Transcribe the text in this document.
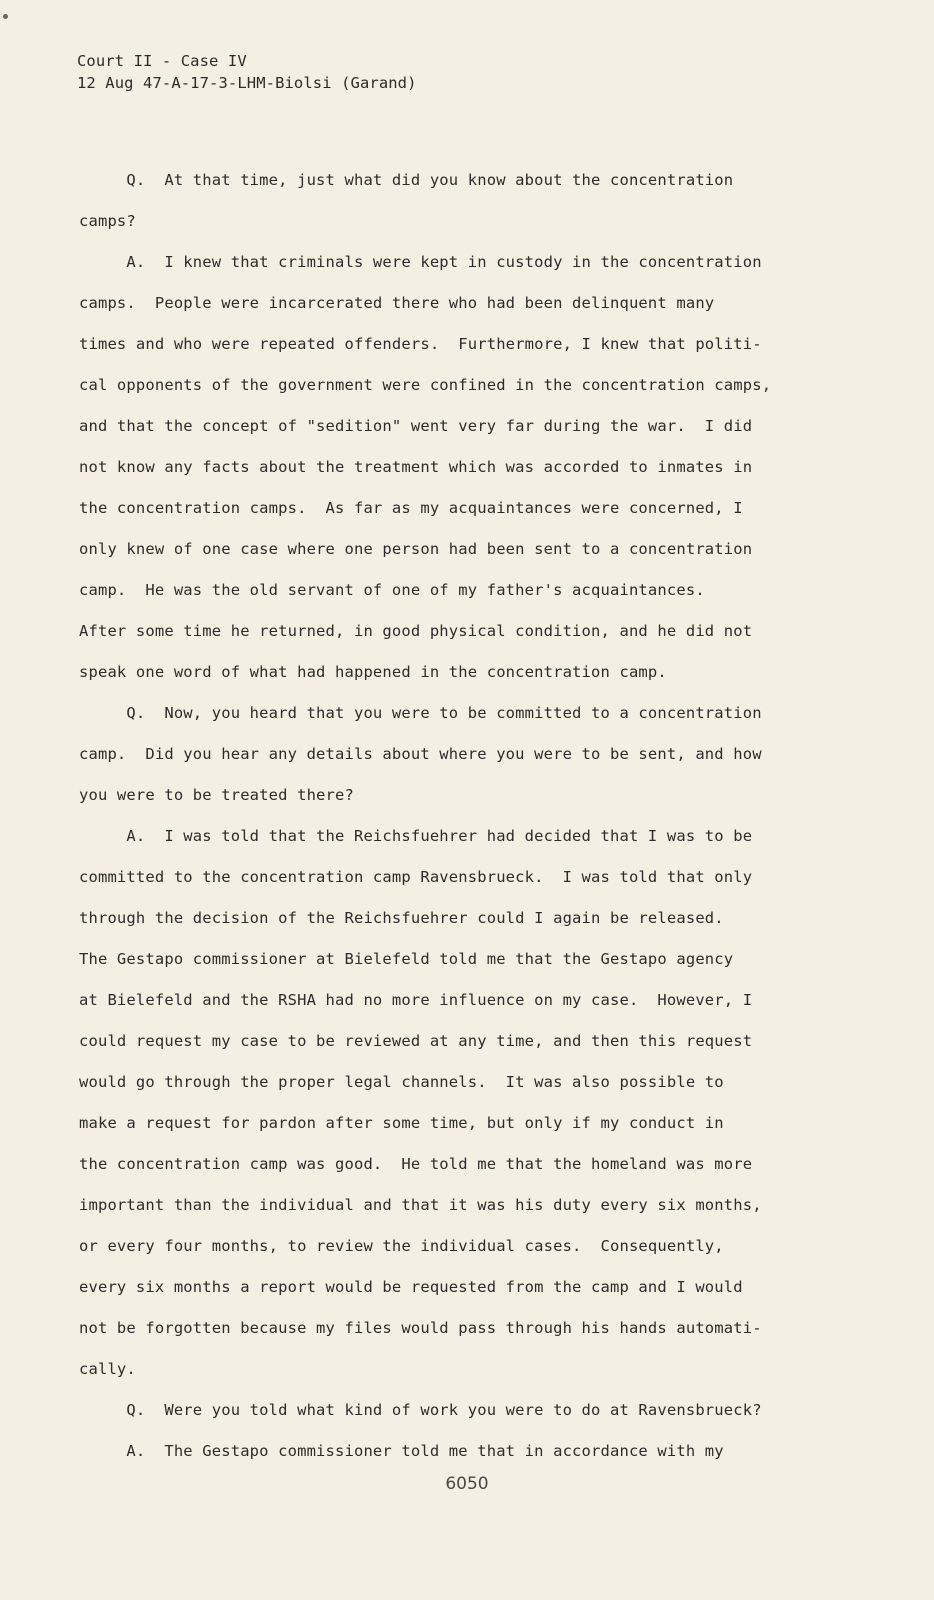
Court II - Case IV
12 Aug 47-A-17-3-LHM-Biolsi (Garand)
Q.  At that time, just what did you know about the concentration
camps?
A.  I knew that criminals were kept in custody in the concentration
camps.  People were incarcerated there who had been delinquent many
times and who were repeated offenders.  Furthermore, I knew that politi-
cal opponents of the government were confined in the concentration camps,
and that the concept of "sedition" went very far during the war.  I did
not know any facts about the treatment which was accorded to inmates in
the concentration camps.  As far as my acquaintances were concerned, I
only knew of one case where one person had been sent to a concentration
camp.  He was the old servant of one of my father's acquaintances.
After some time he returned, in good physical condition, and he did not
speak one word of what had happened in the concentration camp.
Q.  Now, you heard that you were to be committed to a concentration
camp.  Did you hear any details about where you were to be sent, and how
you were to be treated there?
A.  I was told that the Reichsfuehrer had decided that I was to be
committed to the concentration camp Ravensbrueck.  I was told that only
through the decision of the Reichsfuehrer could I again be released.
The Gestapo commissioner at Bielefeld told me that the Gestapo agency
at Bielefeld and the RSHA had no more influence on my case.  However, I
could request my case to be reviewed at any time, and then this request
would go through the proper legal channels.  It was also possible to
make a request for pardon after some time, but only if my conduct in
the concentration camp was good.  He told me that the homeland was more
important than the individual and that it was his duty every six months,
or every four months, to review the individual cases.  Consequently,
every six months a report would be requested from the camp and I would
not be forgotten because my files would pass through his hands automati-
cally.
Q.  Were you told what kind of work you were to do at Ravensbrueck?
A.  The Gestapo commissioner told me that in accordance with my
6050
